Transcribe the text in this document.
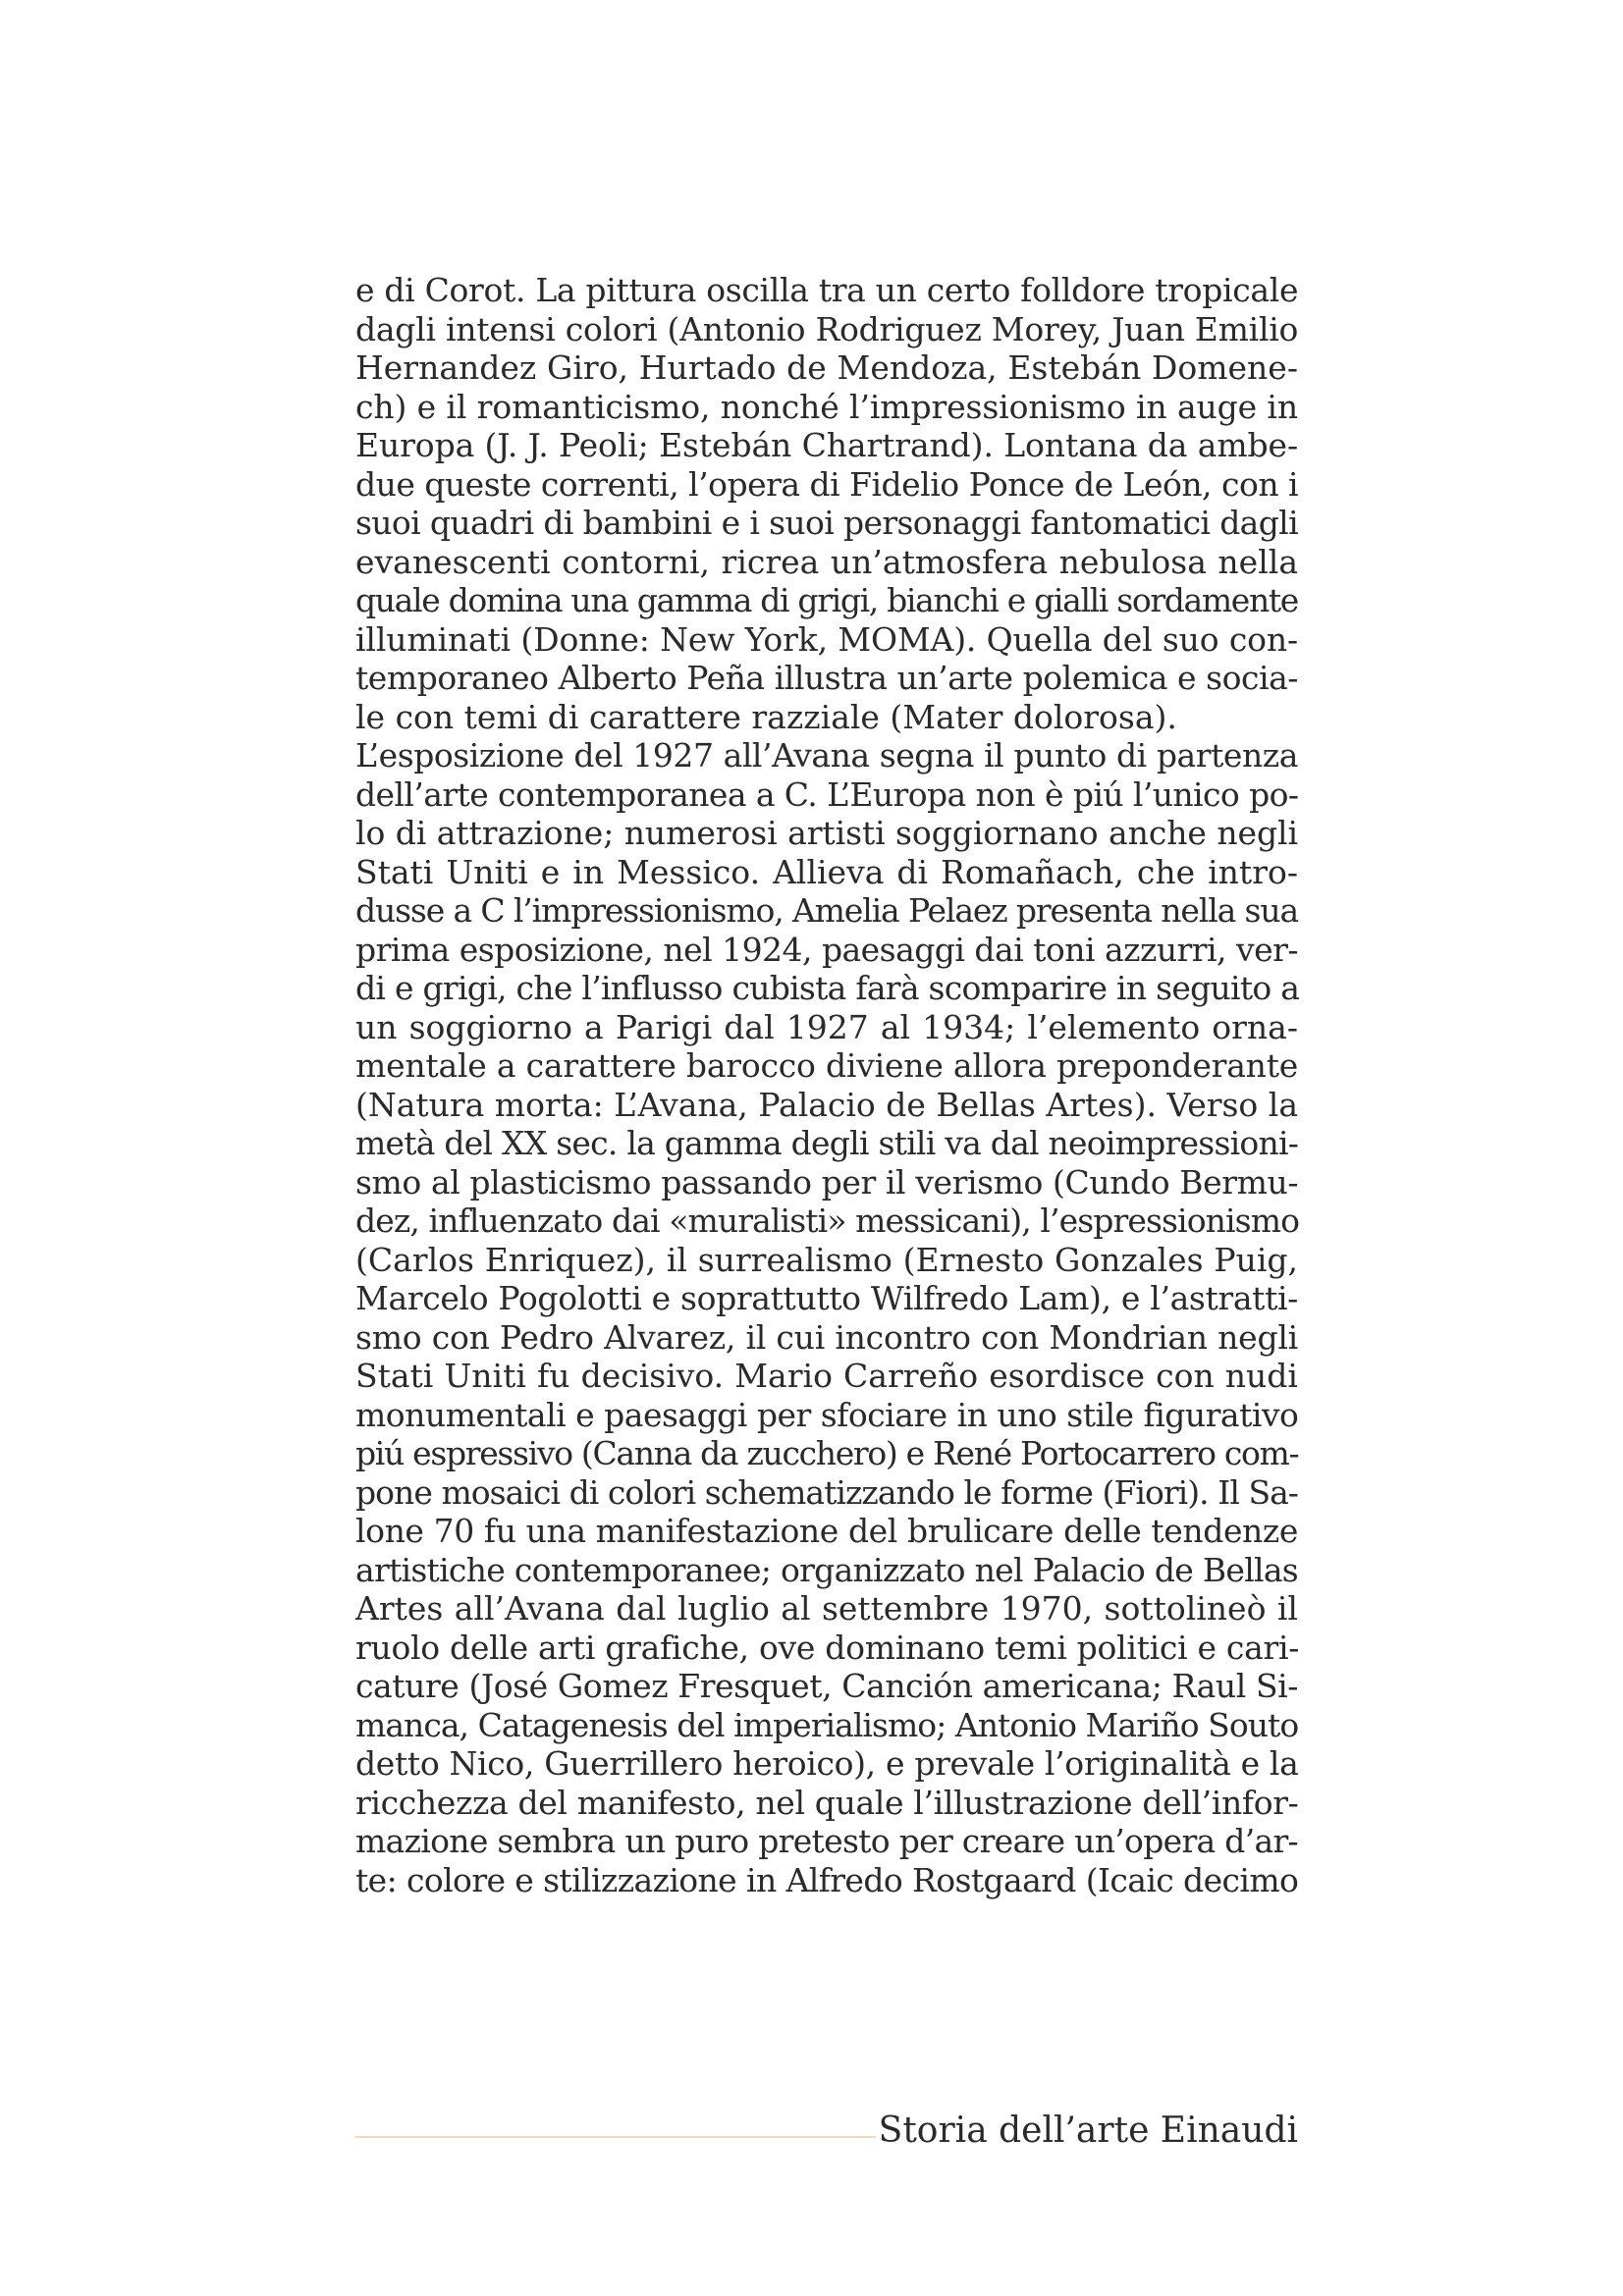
e di Corot. La pittura oscilla tra un certo folldore tropicale
dagli intensi colori (Antonio Rodriguez Morey, Juan Emilio
Hernandez Giro, Hurtado de Mendoza, Estebán Domene-
ch) e il romanticismo, nonché l’impressionismo in auge in
Europa (J. J. Peoli; Estebán Chartrand). Lontana da ambe-
due queste correnti, l’opera di Fidelio Ponce de León, con i
suoi quadri di bambini e i suoi personaggi fantomatici dagli
evanescenti contorni, ricrea un’atmosfera nebulosa nella
quale domina una gamma di grigi, bianchi e gialli sordamente
illuminati (Donne: New York, MOMA). Quella del suo con-
temporaneo Alberto Peña illustra un’arte polemica e socia-
le con temi di carattere razziale (Mater dolorosa).
L’esposizione del 1927 all’Avana segna il punto di partenza
dell’arte contemporanea a C. L’Europa non è piú l’unico po-
lo di attrazione; numerosi artisti soggiornano anche negli
Stati Uniti e in Messico. Allieva di Romañach, che intro-
dusse a C l’impressionismo, Amelia Pelaez presenta nella sua
prima esposizione, nel 1924, paesaggi dai toni azzurri, ver-
di e grigi, che l’influsso cubista farà scomparire in seguito a
un soggiorno a Parigi dal 1927 al 1934; l’elemento orna-
mentale a carattere barocco diviene allora preponderante
(Natura morta: L’Avana, Palacio de Bellas Artes). Verso la
metà del XX sec. la gamma degli stili va dal neoimpressioni-
smo al plasticismo passando per il verismo (Cundo Bermu-
dez, influenzato dai «muralisti» messicani), l’espressionismo
(Carlos Enriquez), il surrealismo (Ernesto Gonzales Puig,
Marcelo Pogolotti e soprattutto Wilfredo Lam), e l’astratti-
smo con Pedro Alvarez, il cui incontro con Mondrian negli
Stati Uniti fu decisivo. Mario Carreño esordisce con nudi
monumentali e paesaggi per sfociare in uno stile figurativo
piú espressivo (Canna da zucchero) e René Portocarrero com-
pone mosaici di colori schematizzando le forme (Fiori). Il Sa-
lone 70 fu una manifestazione del brulicare delle tendenze
artistiche contemporanee; organizzato nel Palacio de Bellas
Artes all’Avana dal luglio al settembre 1970, sottolineò il
ruolo delle arti grafiche, ove dominano temi politici e cari-
cature (José Gomez Fresquet, Canción americana; Raul Si-
manca, Catagenesis del imperialismo; Antonio Mariño Souto
detto Nico, Guerrillero heroico), e prevale l’originalità e la
ricchezza del manifesto, nel quale l’illustrazione dell’infor-
mazione sembra un puro pretesto per creare un’opera d’ar-
te: colore e stilizzazione in Alfredo Rostgaard (Icaic decimo
Storia dell’arte Einaudi
